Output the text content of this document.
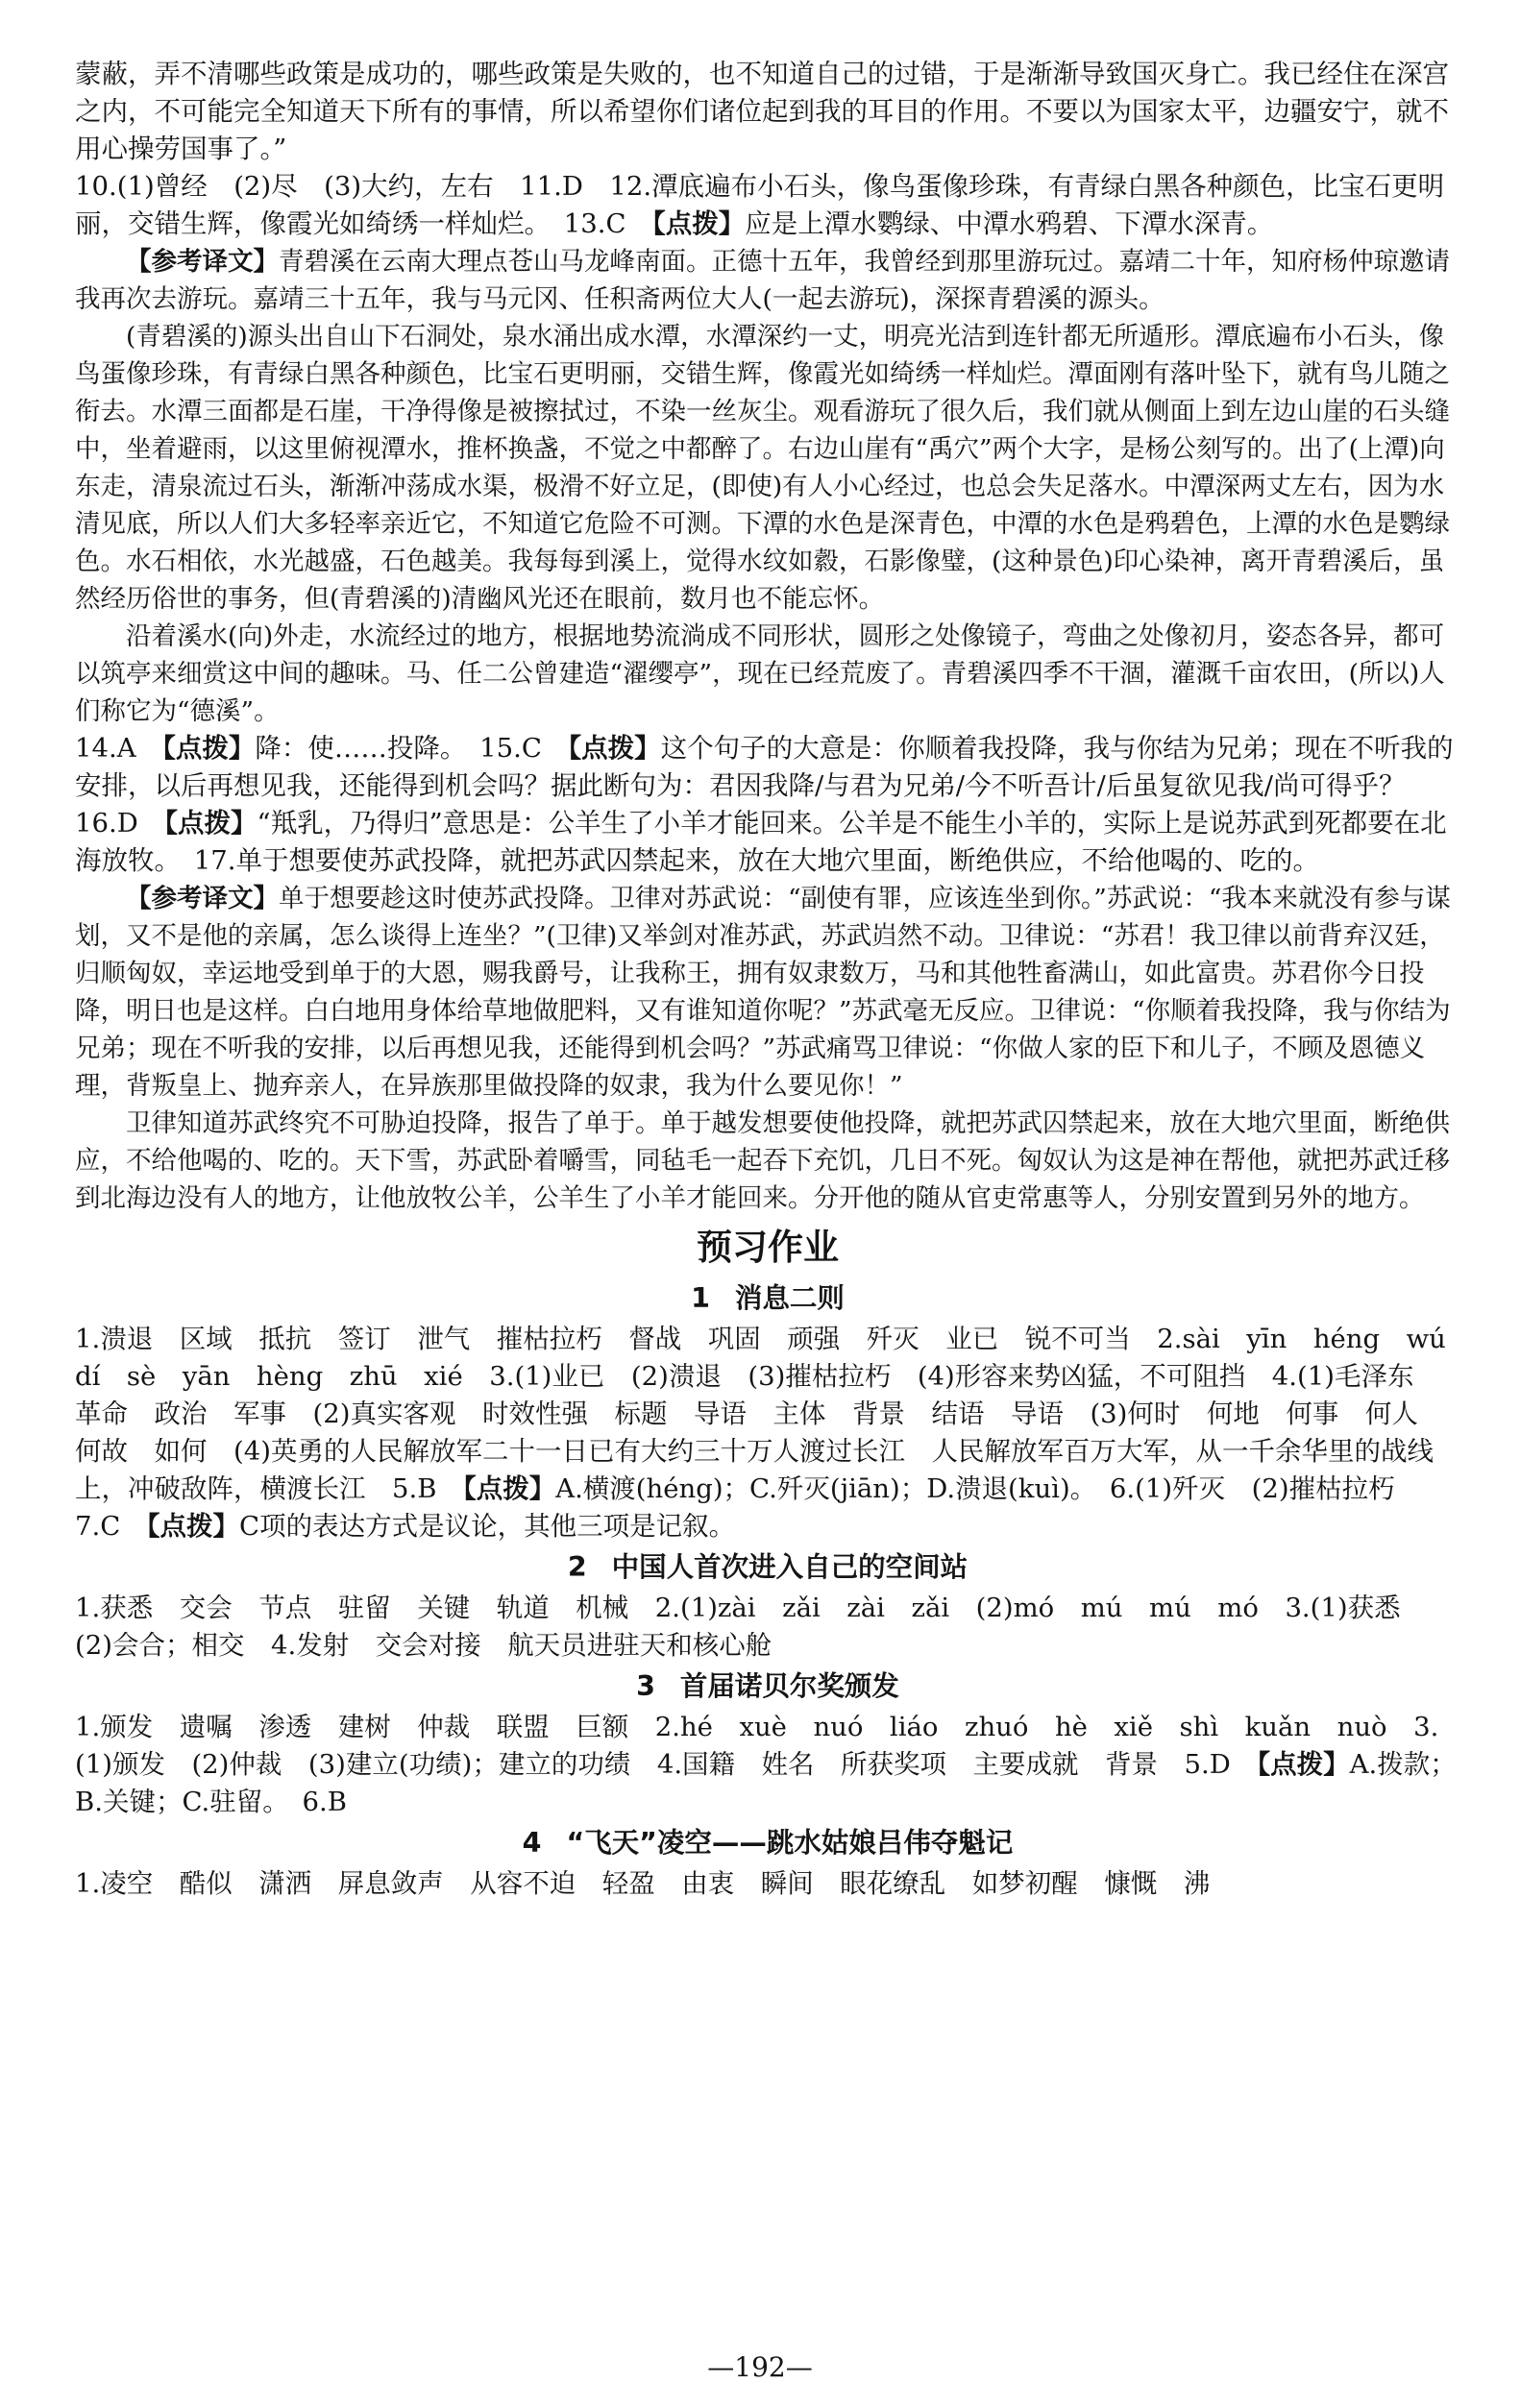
蒙蔽，弄不清哪些政策是成功的，哪些政策是失败的，也不知道自己的过错，于是渐渐导致国灭身亡。我已经住在深宫之内，不可能完全知道天下所有的事情，所以希望你们诸位起到我的耳目的作用。不要以为国家太平，边疆安宁，就不用心操劳国事了。”

10.(1)曾经　(2)尽　(3)大约，左右　11.D　12.潭底遍布小石头，像鸟蛋像珍珠，有青绿白黑各种颜色，比宝石更明丽，交错生辉，像霞光如绮绣一样灿烂。　13.C　【点拨】应是上潭水鹦绿、中潭水鸦碧、下潭水深青。

【参考译文】青碧溪在云南大理点苍山马龙峰南面。正德十五年，我曾经到那里游玩过。嘉靖二十年，知府杨仲琼邀请我再次去游玩。嘉靖三十五年，我与马元冈、任积斋两位大人(一起去游玩)，深探青碧溪的源头。

(青碧溪的)源头出自山下石洞处，泉水涌出成水潭，水潭深约一丈，明亮光洁到连针都无所遁形。潭底遍布小石头，像鸟蛋像珍珠，有青绿白黑各种颜色，比宝石更明丽，交错生辉，像霞光如绮绣一样灿烂。潭面刚有落叶坠下，就有鸟儿随之衔去。水潭三面都是石崖，干净得像是被擦拭过，不染一丝灰尘。观看游玩了很久后，我们就从侧面上到左边山崖的石头缝中，坐着避雨，以这里俯视潭水，推杯换盏，不觉之中都醉了。右边山崖有“禹穴”两个大字，是杨公刻写的。出了(上潭)向东走，清泉流过石头，渐渐冲荡成水渠，极滑不好立足，(即使)有人小心经过，也总会失足落水。中潭深两丈左右，因为水清见底，所以人们大多轻率亲近它，不知道它危险不可测。下潭的水色是深青色，中潭的水色是鸦碧色，上潭的水色是鹦绿色。水石相依，水光越盛，石色越美。我每每到溪上，觉得水纹如縠，石影像璧，(这种景色)印心染神，离开青碧溪后，虽然经历俗世的事务，但(青碧溪的)清幽风光还在眼前，数月也不能忘怀。

沿着溪水(向)外走，水流经过的地方，根据地势流淌成不同形状，圆形之处像镜子，弯曲之处像初月，姿态各异，都可以筑亭来细赏这中间的趣味。马、任二公曾建造“濯缨亭”，现在已经荒废了。青碧溪四季不干涸，灌溉千亩农田，(所以)人们称它为“德溪”。

14.A　【点拨】降：使……投降。　15.C　【点拨】这个句子的大意是：你顺着我投降，我与你结为兄弟；现在不听我的安排，以后再想见我，还能得到机会吗？据此断句为：君因我降/与君为兄弟/今不听吾计/后虽复欲见我/尚可得乎？　16.D　【点拨】“羝乳，乃得归”意思是：公羊生了小羊才能回来。公羊是不能生小羊的，实际上是说苏武到死都要在北海放牧。　17.单于想要使苏武投降，就把苏武囚禁起来，放在大地穴里面，断绝供应，不给他喝的、吃的。

【参考译文】单于想要趁这时使苏武投降。卫律对苏武说：“副使有罪，应该连坐到你。”苏武说：“我本来就没有参与谋划，又不是他的亲属，怎么谈得上连坐？”(卫律)又举剑对准苏武，苏武岿然不动。卫律说：“苏君！我卫律以前背弃汉廷，归顺匈奴，幸运地受到单于的大恩，赐我爵号，让我称王，拥有奴隶数万，马和其他牲畜满山，如此富贵。苏君你今日投降，明日也是这样。白白地用身体给草地做肥料，又有谁知道你呢？”苏武毫无反应。卫律说：“你顺着我投降，我与你结为兄弟；现在不听我的安排，以后再想见我，还能得到机会吗？”苏武痛骂卫律说：“你做人家的臣下和儿子，不顾及恩德义理，背叛皇上、抛弃亲人，在异族那里做投降的奴隶，我为什么要见你！”

卫律知道苏武终究不可胁迫投降，报告了单于。单于越发想要使他投降，就把苏武囚禁起来，放在大地穴里面，断绝供应，不给他喝的、吃的。天下雪，苏武卧着嚼雪，同毡毛一起吞下充饥，几日不死。匈奴认为这是神在帮他，就把苏武迁移到北海边没有人的地方，让他放牧公羊，公羊生了小羊才能回来。分开他的随从官吏常惠等人，分别安置到另外的地方。

预习作业
1 消息二则

1.溃退　区域　抵抗　签订　泄气　摧枯拉朽　督战　巩固　顽强　歼灭　业已　锐不可当　2.sài　yīn　héng　wú　dí　sè　yān　hèng　zhū　xié　3.(1)业已　(2)溃退　(3)摧枯拉朽　(4)形容来势凶猛，不可阻挡　4.(1)毛泽东　革命　政治　军事　(2)真实客观　时效性强　标题　导语　主体　背景　结语　导语　(3)何时　何地　何事　何人　何故　如何　(4)英勇的人民解放军二十一日已有大约三十万人渡过长江　人民解放军百万大军，从一千余华里的战线上，冲破敌阵，横渡长江　5.B　【点拨】A.横渡(héng)；C.歼灭(jiān)；D.溃退(kuì)。　6.(1)歼灭　(2)摧枯拉朽　7.C　【点拨】C项的表达方式是议论，其他三项是记叙。

2 中国人首次进入自己的空间站

1.获悉　交会　节点　驻留　关键　轨道　机械　2.(1)zài　zǎi　zài　zǎi　(2)mó　mú　mú　mó　3.(1)获悉　(2)会合；相交　4.发射　交会对接　航天员进驻天和核心舱

3 首届诺贝尔奖颁发

1.颁发　遗嘱　渗透　建树　仲裁　联盟　巨额　2.hé　xuè　nuó　liáo　zhuó　hè　xiě　shì　kuǎn　nuò　3.(1)颁发　(2)仲裁　(3)建立(功绩)；建立的功绩　4.国籍　姓名　所获奖项　主要成就　背景　5.D　【点拨】A.拨款；B.关键；C.驻留。　6.B

4 “飞天”凌空——跳水姑娘吕伟夺魁记

1.凌空　酷似　潇洒　屏息敛声　从容不迫　轻盈　由衷　瞬间　眼花缭乱　如梦初醒　慷慨　沸

—192—
